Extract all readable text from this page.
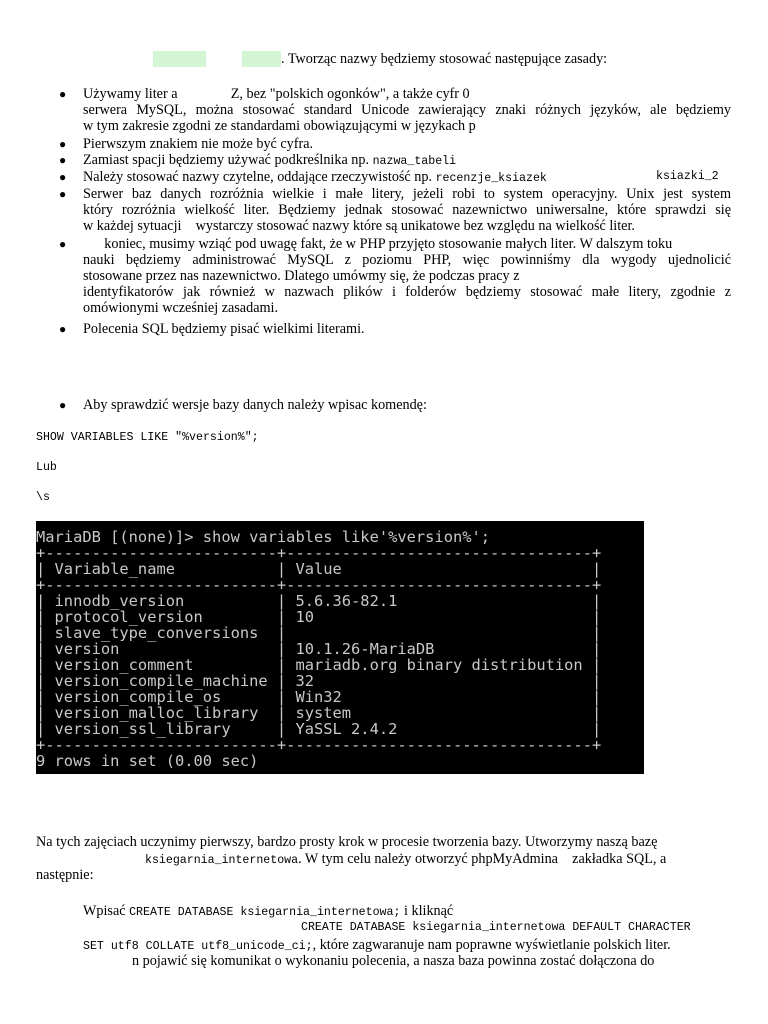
. Tworząc nazwy będziemy stosować następujące zasady:
● Używamy liter a               Z, bez "polskich ogonków", a także cyfr 0
serwera MySQL, można stosować standard Unicode zawierający znaki różnych języków, ale będziemy
w tym zakresie zgodni ze standardami obowiązującymi w językach p
● Pierwszym znakiem nie może być cyfra.
● Zamiast spacji będziemy używać podkreślnika np. nazwa_tabeli
● Należy stosować nazwy czytelne, oddające rzeczywistość np. recenzje_ksiazek	ksiazki_2
● Serwer baz danych rozróżnia wielkie i małe litery, jeżeli robi to system operacyjny. Unix jest system
który rozróżnia wielkość liter. Będziemy jednak stosować nazewnictwo uniwersalne, które sprawdzi się
w każdej sytuacji    wystarczy stosować nazwy które są unikatowe bez względu na wielkość liter.
● koniec, musimy wziąć pod uwagę fakt, że w PHP przyjęto stosowanie małych liter. W dalszym toku
nauki będziemy administrować MySQL z poziomu PHP, więc powinniśmy dla wygody ujednolicić
stosowane przez nas nazewnictwo. Dlatego umówmy się, że podczas pracy z
identyfikatorów jak również w nazwach plików i folderów będziemy stosować małe litery, zgodnie z
omówionymi wcześniej zasadami.
● Polecenia SQL będziemy pisać wielkimi literami.
● Aby sprawdzić wersje bazy danych należy wpisac komendę:
SHOW VARIABLES LIKE "%version%";
Lub
\s
MariaDB [(none)]> show variables like'%version%';
+-------------------------+---------------------------------+
| Variable_name           | Value                           |
+-------------------------+---------------------------------+
| innodb_version          | 5.6.36-82.1                     |
| protocol_version        | 10                              |
| slave_type_conversions  |                                 |
| version                 | 10.1.26-MariaDB                 |
| version_comment         | mariadb.org binary distribution |
| version_compile_machine | 32                              |
| version_compile_os      | Win32                           |
| version_malloc_library  | system                          |
| version_ssl_library     | YaSSL 2.4.2                     |
+-------------------------+---------------------------------+
9 rows in set (0.00 sec)
Na tych zajęciach uczynimy pierwszy, bardzo prosty krok w procesie tworzenia bazy. Utworzymy naszą bazę
ksiegarnia_internetowa. W tym celu należy otworzyć phpMyAdmina    zakładka SQL, a
następnie:
Wpisać CREATE DATABASE ksiegarnia_internetowa; i kliknąć
CREATE DATABASE ksiegarnia_internetowa DEFAULT CHARACTER
SET utf8 COLLATE utf8_unicode_ci;, które zagwaranuje nam poprawne wyświetlanie polskich liter.
n pojawić się komunikat o wykonaniu polecenia, a nasza baza powinna zostać dołączona do
